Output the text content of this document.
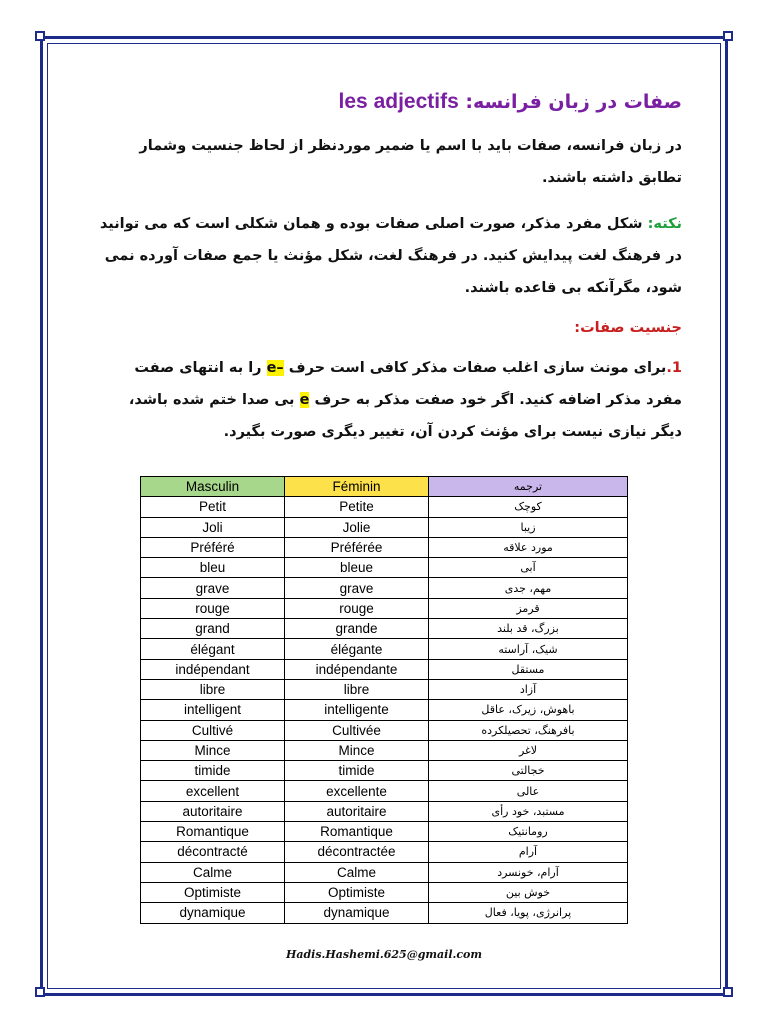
صفات در زبان فرانسه: les adjectifs

در زبان فرانسه، صفات باید با اسم یا ضمیر موردنظر از لحاظ جنسیت وشمار تطابق داشته باشند.

نکته: شکل مفرد مذکر، صورت اصلی صفات بوده و همان شکلی است که می توانید در فرهنگ لغت پیدایش کنید. در فرهنگ لغت، شکل مؤنث یا جمع صفات آورده نمی شود، مگرآنکه بی قاعده باشند.

جنسیت صفات:

1.برای مونث سازی اغلب صفات مذکر کافی است حرف e– را به انتهای صفت مفرد مذکر اضافه کنید. اگر خود صفت مذکر به حرف e بی صدا ختم شده باشد، دیگر نیازی نیست برای مؤنث کردن آن، تغییر دیگری صورت بگیرد.

Masculin	Féminin	ترجمه
Petit	Petite	کوچک
Joli	Jolie	زیبا
Préféré	Préférée	مورد علاقه
bleu	bleue	آبی
grave	grave	مهم، جدی
rouge	rouge	قرمز
grand	grande	بزرگ، قد بلند
élégant	élégante	شیک، آراسته
indépendant	indépendante	مستقل
libre	libre	آزاد
intelligent	intelligente	باهوش، زیرک، عاقل
Cultivé	Cultivée	بافرهنگ، تحصیلکرده
Mince	Mince	لاغر
timide	timide	خجالتی
excellent	excellente	عالی
autoritaire	autoritaire	مستبد، خود رأی
Romantique	Romantique	رومانتیک
décontracté	décontractée	آرام
Calme	Calme	آرام، خونسرد
Optimiste	Optimiste	خوش بین
dynamique	dynamique	پرانرژی، پویا، فعال
Hadis.Hashemi.625@gmail.com
